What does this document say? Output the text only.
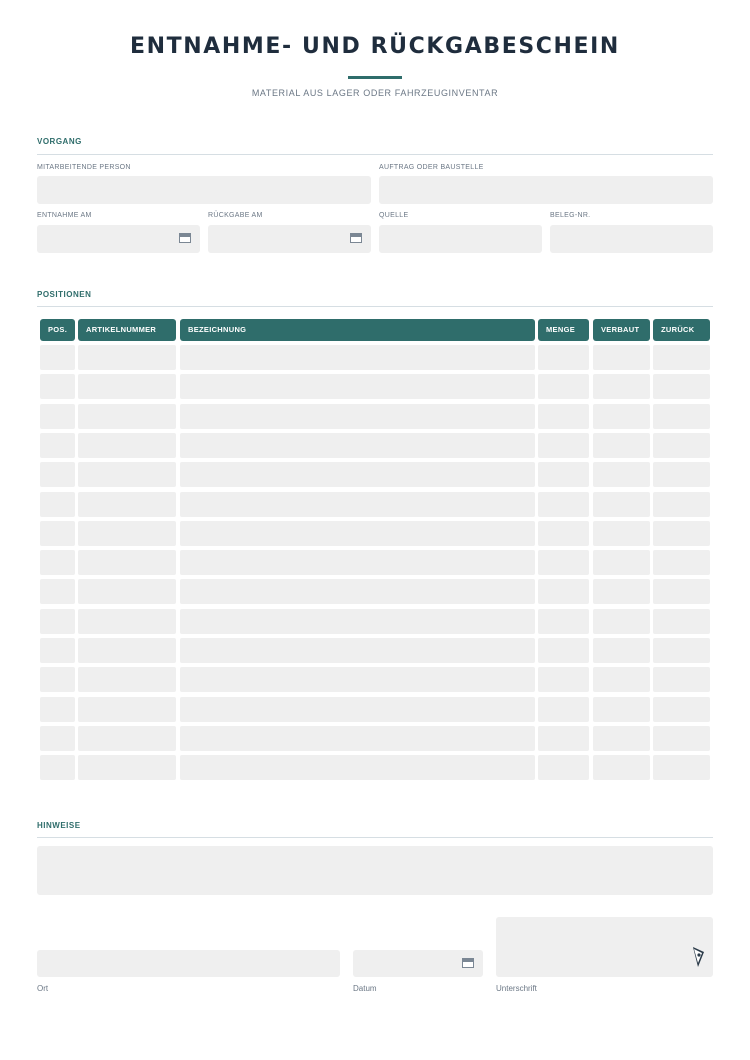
ENTNAHME- UND RÜCKGABESCHEIN
MATERIAL AUS LAGER ODER FAHRZEUGINVENTAR
VORGANG
MITARBEITENDE PERSON	AUFTRAG ODER BAUSTELLE
ENTNAHME AM	RÜCKGABE AM	QUELLE	BELEG-NR.
POSITIONEN
POS.	ARTIKELNUMMER	BEZEICHNUNG	MENGE	VERBAUT	ZURÜCK
HINWEISE
Ort	Datum	Unterschrift
